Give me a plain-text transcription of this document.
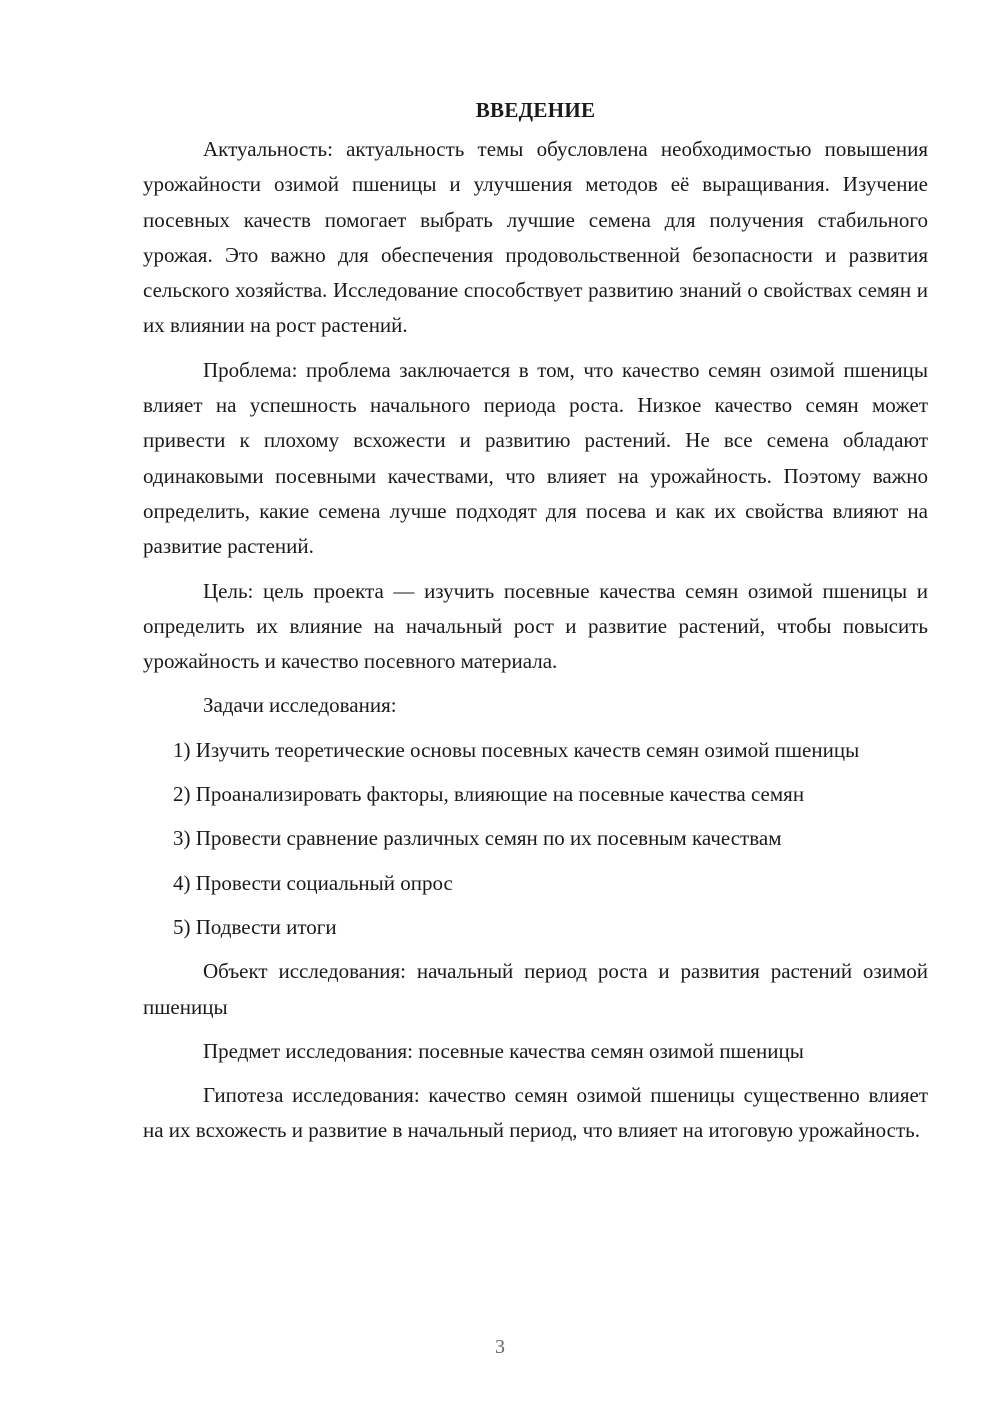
ВВЕДЕНИЕ

Актуальность: актуальность темы обусловлена необходимостью повышения урожайности озимой пшеницы и улучшения методов её выращивания. Изучение посевных качеств помогает выбрать лучшие семена для получения стабильного урожая. Это важно для обеспечения продовольственной безопасности и развития сельского хозяйства. Исследование способствует развитию знаний о свойствах семян и их влиянии на рост растений.

Проблема: проблема заключается в том, что качество семян озимой пшеницы влияет на успешность начального периода роста. Низкое качество семян может привести к плохому всхожести и развитию растений. Не все семена обладают одинаковыми посевными качествами, что влияет на урожайность. Поэтому важно определить, какие семена лучше подходят для посева и как их свойства влияют на развитие растений.

Цель: цель проекта — изучить посевные качества семян озимой пшеницы и определить их влияние на начальный рост и развитие растений, чтобы повысить урожайность и качество посевного материала.

Задачи исследования:

1) Изучить теоретические основы посевных качеств семян озимой пшеницы

2) Проанализировать факторы, влияющие на посевные качества семян

3) Провести сравнение различных семян по их посевным качествам

4) Провести социальный опрос

5) Подвести итоги

Объект исследования: начальный период роста и развития растений озимой пшеницы

Предмет исследования: посевные качества семян озимой пшеницы

Гипотеза исследования: качество семян озимой пшеницы существенно влияет на их всхожесть и развитие в начальный период, что влияет на итоговую урожайность.

3
